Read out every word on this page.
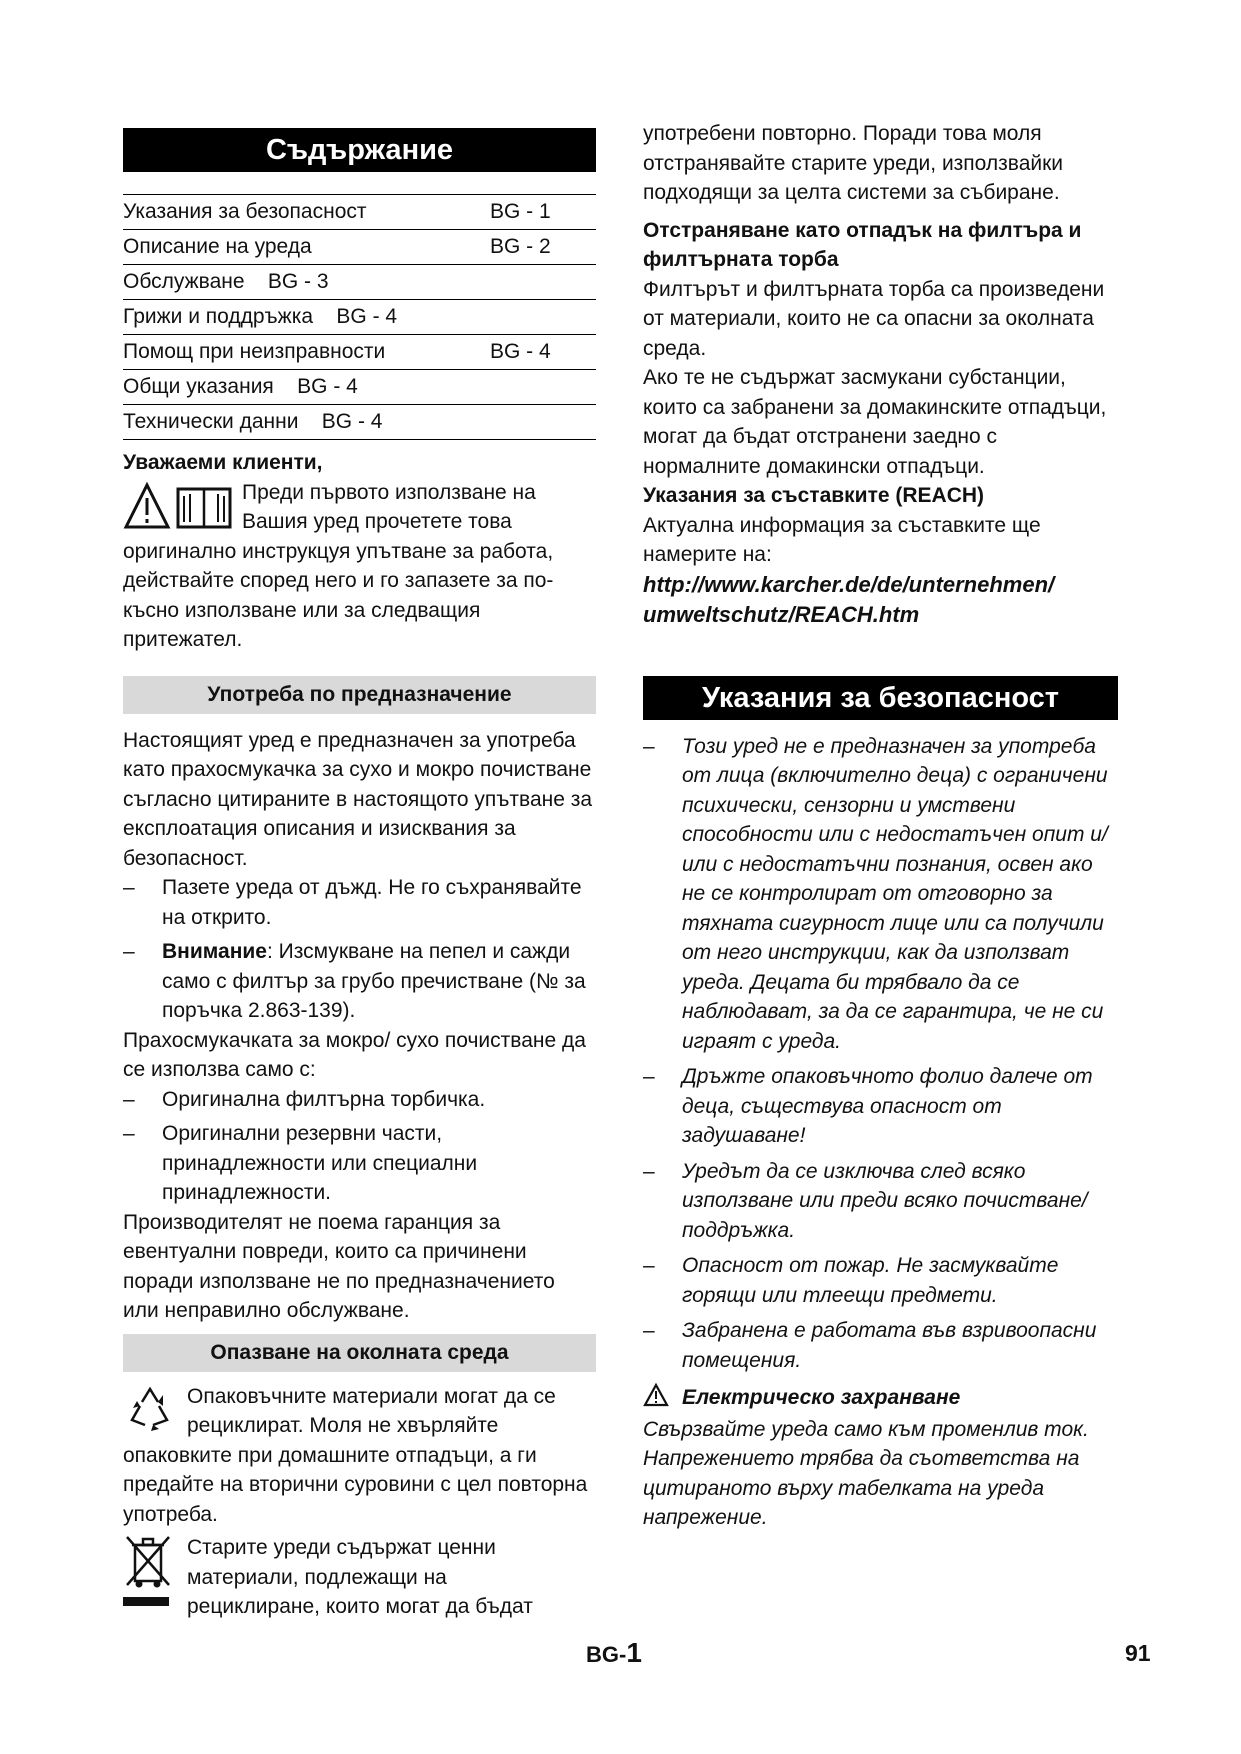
Съдържание
Указания за безопасност	BG - 1
Описание на уреда	BG - 2
Обслужване    BG - 3
Грижи и поддръжка    BG - 4
Помощ при неизправности	BG - 4
Общи указания    BG - 4
Технически данни    BG - 4

Уважаеми клиенти,

Преди първото използване на

Вашия уред прочетете това

оригинално инструкцуя упътване за работа, действайте според него и го запазете за по-късно използване или за следващия притежател.

Употреба по предназначение

Настоящият уред е предназначен за употреба като прахосмукачка за сухо и мокро почистване съгласно цитираните в настоящото упътване за експлоатация описания и изисквания за безопасност.

–	Пазете уреда от дъжд. Не го съхранявайте на открито.
–	Внимание: Изсмукване на пепел и сажди само с филтър за грубо пречистване (№ за поръчка 2.863-139).

Прахосмукачката за мокро/ сухо почистване да се използва само с:

–	Оригинална филтърна торбичка.
–	Оригинални резервни части, принадлежности или специални принадлежности.

Производителят не поема гаранция за евентуални повреди, които са причинени поради използване не по предназначението или неправилно обслужване.

Опазване на околната среда

Опаковъчните материали могат да се

рециклират. Моля не хвърляйте

опаковките при домашните отпадъци, а ги предайте на вторични суровини с цел повторна употреба.

Старите уреди съдържат ценни

материали, подлежащи на

рециклиране, които могат да бъдат

употребени повторно. Поради това моля отстранявайте старите уреди, използвайки подходящи за целта системи за събиране.

Отстраняване като отпадък на филтъра и филтърната торба

Филтърът и филтърната торба са произведени от материали, които не са опасни за околната среда.

Ако те не съдържат засмукани субстанции, които са забранени за домакинските отпадъци, могат да бъдат отстранени заедно с нормалните домакински отпадъци.

Указания за съставките (REACH)

Актуална информация за съставките ще намерите на:

http://www.karcher.de/de/unternehmen/
umweltschutz/REACH.htm
Указания за безопасност
–	Този уред не е предназначен за употреба от лица (включително деца) с ограничени психически, сензорни и умствени способности или с недостатъчен опит и/или с недостатъчни познания, освен ако не се контролират от отговорно за тяхната сигурност лице или са получили от него инструкции, как да използват уреда. Децата би трябвало да се наблюдават, за да се гарантира, че не си играят с уреда.
–	Дръжте опаковъчното фолио далече от деца, съществува опасност от задушаване!
–	Уредът да се изключва след всяко използване или преди всяко почистване/ поддръжка.
–	Опасност от пожар. Не засмуквайте горящи или тлеещи предмети.
–	Забранена е работата във взривоопасни помещения.
Електрическо захранване

Свързвайте уреда само към променлив ток. Напрежението трябва да съответства на цитираното върху табелката на уреда напрежение.

BG-1	91
